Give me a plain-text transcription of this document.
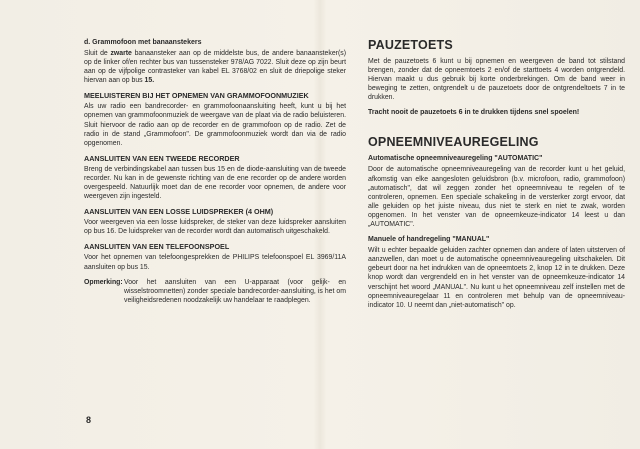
d. Grammofoon met banaanstekers
Sluit de zwarte banaansteker aan op de middelste bus, de andere banaansteker(s) op de linker of/en rechter bus van tussensteker 978/AG 7022. Sluit deze op zijn beurt aan op de vijfpolige contrasteker van kabel EL 3768/02 en sluit de driepolige steker hiervan aan op bus 15.
MEELUISTEREN BIJ HET OPNEMEN VAN GRAMMOFOONMUZIEK
Als uw radio een bandrecorder- en grammofoonaansluiting heeft, kunt u bij het opnemen van grammofoonmuziek de weergave van de plaat via de radio beluisteren. Sluit hiervoor de radio aan op de recorder en de grammofoon op de radio. Zet de radio in de stand „Grammofoon". De grammofoonmuziek wordt dan via de radio opgenomen.
AANSLUITEN VAN EEN TWEEDE RECORDER
Breng de verbindingskabel aan tussen bus 15 en de diode-aansluiting van de tweede recorder. Nu kan in de gewenste richting van de ene recorder op de andere worden overgespeeld. Natuurlijk moet dan de ene recorder voor opnemen, de andere voor weergeven zijn ingesteld.
AANSLUITEN VAN EEN LOSSE LUIDSPREKER (4 OHM)
Voor weergeven via een losse luidspreker, de steker van deze luidspreker aansluiten op bus 16. De luidspreker van de recorder wordt dan automatisch uitgeschakeld.
AANSLUITEN VAN EEN TELEFOONSPOEL
Voor het opnemen van telefoongesprekken de PHILIPS telefoonspoel EL 3969/11A aansluiten op bus 15.
Opmerking: Voor het aansluiten van een U-apparaat (voor gelijk- en wisselstroomnetten) zonder speciale bandrecorder-aansluiting, is het om veiligheidsredenen noodzakelijk uw handelaar te raadplegen.
8
PAUZETOETS
Met de pauzetoets 6 kunt u bij opnemen en weergeven de band tot stilstand brengen, zonder dat de opneemtoets 2 en/of de starttoets 4 worden ontgrendeld. Hiervan maakt u dus gebruik bij korte onderbrekingen. Om de band weer in beweging te zetten, ontgrendelt u de pauzetoets door de ontgrendeltoets 7 in te drukken.
Tracht nooit de pauzetoets 6 in te drukken tijdens snel spoelen!
OPNEEMNIVEAUREGELING
Automatische opneemniveauregeling "AUTOMATIC"
Door de automatische opneemniveauregeling van de recorder kunt u het geluid, afkomstig van elke aangesloten geluidsbron (b.v. microfoon, radio, grammofoon) „automatisch", dat wil zeggen zonder het opneemniveau te regelen of te controleren, opnemen. Een speciale schakeling in de versterker zorgt ervoor, dat alle geluiden op het juiste niveau, dus niet te sterk en niet te zwak, worden opgenomen. In het venster van de opneemkeuze-indicator 14 leest u dan „AUTOMATIC".
Manuele of handregeling "MANUAL"
Wilt u echter bepaalde geluiden zachter opnemen dan andere of laten uitsterven of aanzwellen, dan moet u de automatische opneemniveauregeling uitschakelen. Dit gebeurt door na het indrukken van de opneemtoets 2, knop 12 in te drukken. Deze knop wordt dan vergrendeld en in het venster van de opneemkeuze-indicator 14 verschijnt het woord „MANUAL". Nu kunt u het opneemniveau zelf instellen met de opneemniveauregelaar 11 en controleren met behulp van de opneemniveau-indicator 10. U neemt dan „niet-automatisch" op.
